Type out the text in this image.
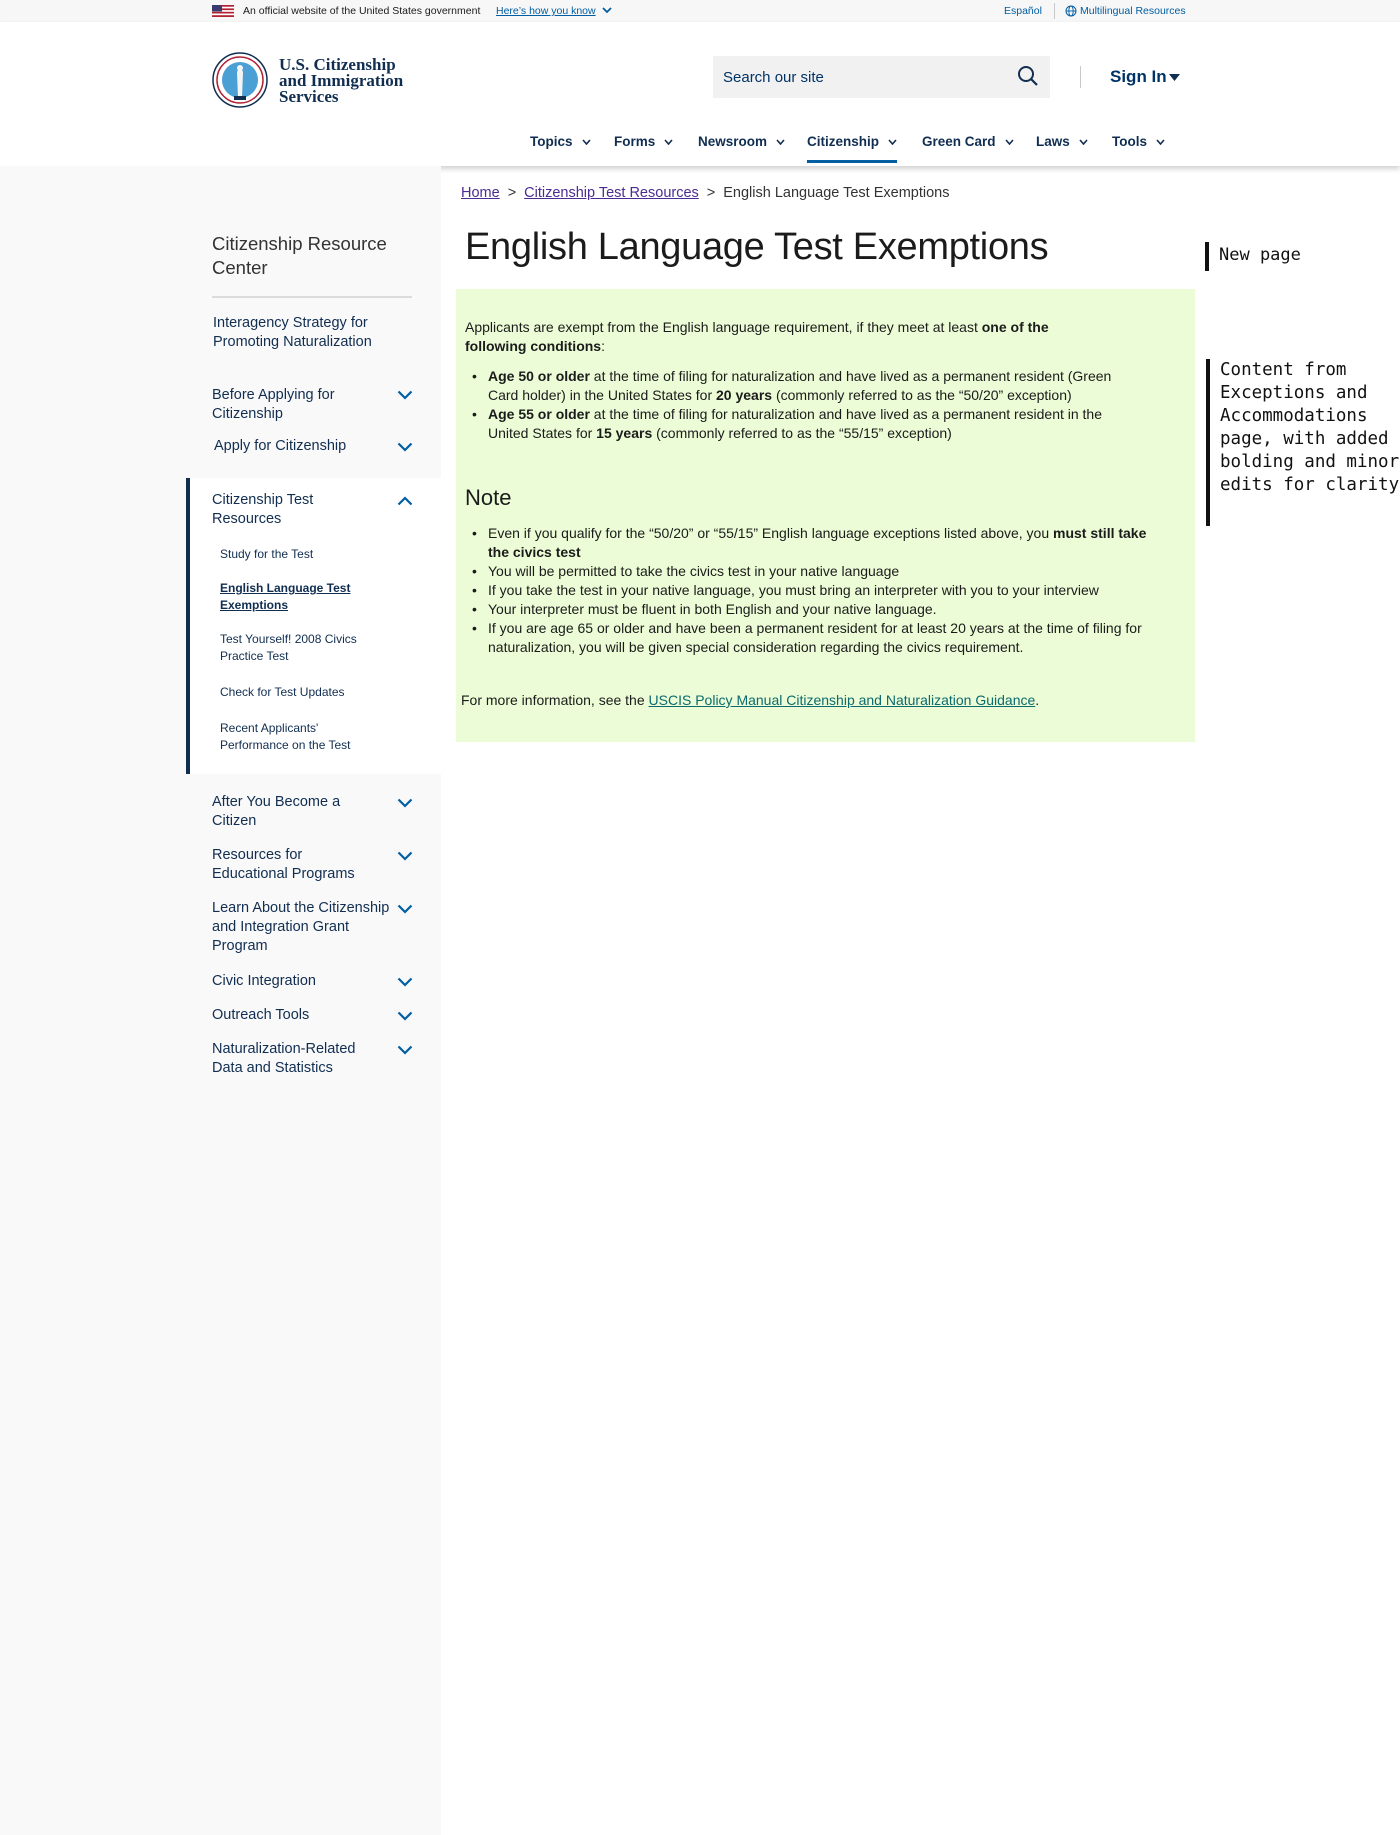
An official website of the United States government Here’s how you know	Español	Multilingual Resources
U.S. Citizenship
and Immigration
Services
Search our site
Sign In
Topics	Forms	Newsroom	Citizenship	Green Card	Laws	Tools
Citizenship Resource Center
Interagency Strategy for Promoting Naturalization
Before Applying for Citizenship
Apply for Citizenship
Citizenship Test Resources
Study for the Test
English Language Test Exemptions
Test Yourself! 2008 Civics Practice Test
Check for Test Updates
Recent Applicants' Performance on the Test
After You Become a Citizen
Resources for Educational Programs
Learn About the Citizenship and Integration Grant Program
Civic Integration
Outreach Tools
Naturalization-Related Data and Statistics
Home > Citizenship Test Resources > English Language Test Exemptions
English Language Test Exemptions
Applicants are exempt from the English language requirement, if they meet at least one of the following conditions:
• Age 50 or older at the time of filing for naturalization and have lived as a permanent resident (Green Card holder) in the United States for 20 years (commonly referred to as the “50/20” exception)
• Age 55 or older at the time of filing for naturalization and have lived as a permanent resident in the United States for 15 years (commonly referred to as the “55/15” exception)
Note
• Even if you qualify for the “50/20” or “55/15” English language exceptions listed above, you must still take the civics test
• You will be permitted to take the civics test in your native language
• If you take the test in your native language, you must bring an interpreter with you to your interview
• Your interpreter must be fluent in both English and your native language.
• If you are age 65 or older and have been a permanent resident for at least 20 years at the time of filing for naturalization, you will be given special consideration regarding the civics requirement.
For more information, see the USCIS Policy Manual Citizenship and Naturalization Guidance.
New page
Content from Exceptions and Accommodations page, with added bolding and minor edits for clarity
